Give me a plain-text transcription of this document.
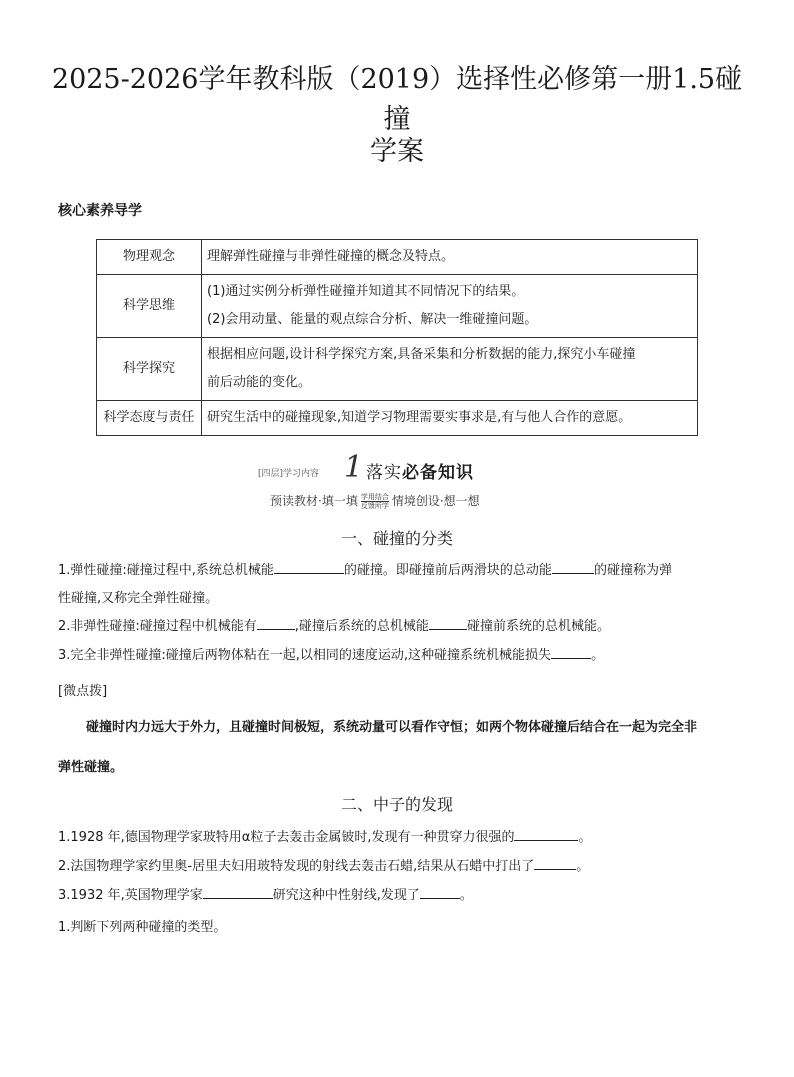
2025-2026学年教科版（2019）选择性必修第一册1.5碰撞
学案
核心素养导学
物理观念	理解弹性碰撞与非弹性碰撞的概念及特点。

科学思维	(1)通过实例分析弹性碰撞并知道其不同情况下的结果。
(2)会用动量、能量的观点综合分析、解决一维碰撞问题。

科学探究	根据相应问题,设计科学探究方案,具备采集和分析数据的能力,探究小车碰撞
前后动能的变化。

科学态度与责任	研究生活中的碰撞现象,知道学习物理需要实事求是,有与他人合作的意愿。
[四层]学习内容 1 落实必备知识
预读教材·填一填 $\frac{\text{学用结合}}{\text{反馈所学}}$ 情境创设·想一想
一、碰撞的分类
1.弹性碰撞:碰撞过程中,系统总机械能	的碰撞。即碰撞前后两滑块的总动能	的碰撞称为弹
性碰撞,又称完全弹性碰撞。
2.非弹性碰撞:碰撞过程中机械能有	,碰撞后系统的总机械能	碰撞前系统的总机械能。
3.完全非弹性碰撞:碰撞后两物体粘在一起,以相同的速度运动,这种碰撞系统机械能损失	。
[微点拨]
碰撞时内力远大于外力，且碰撞时间极短，系统动量可以看作守恒；如两个物体碰撞后结合在一起为完全非
弹性碰撞。
二、中子的发现
1.1928 年,德国物理学家玻特用α粒子去轰击金属铍时,发现有一种贯穿力很强的	。
2.法国物理学家约里奥-居里夫妇用玻特发现的射线去轰击石蜡,结果从石蜡中打出了	。
3.1932 年,英国物理学家	研究这种中性射线,发现了	。
1.判断下列两种碰撞的类型。
